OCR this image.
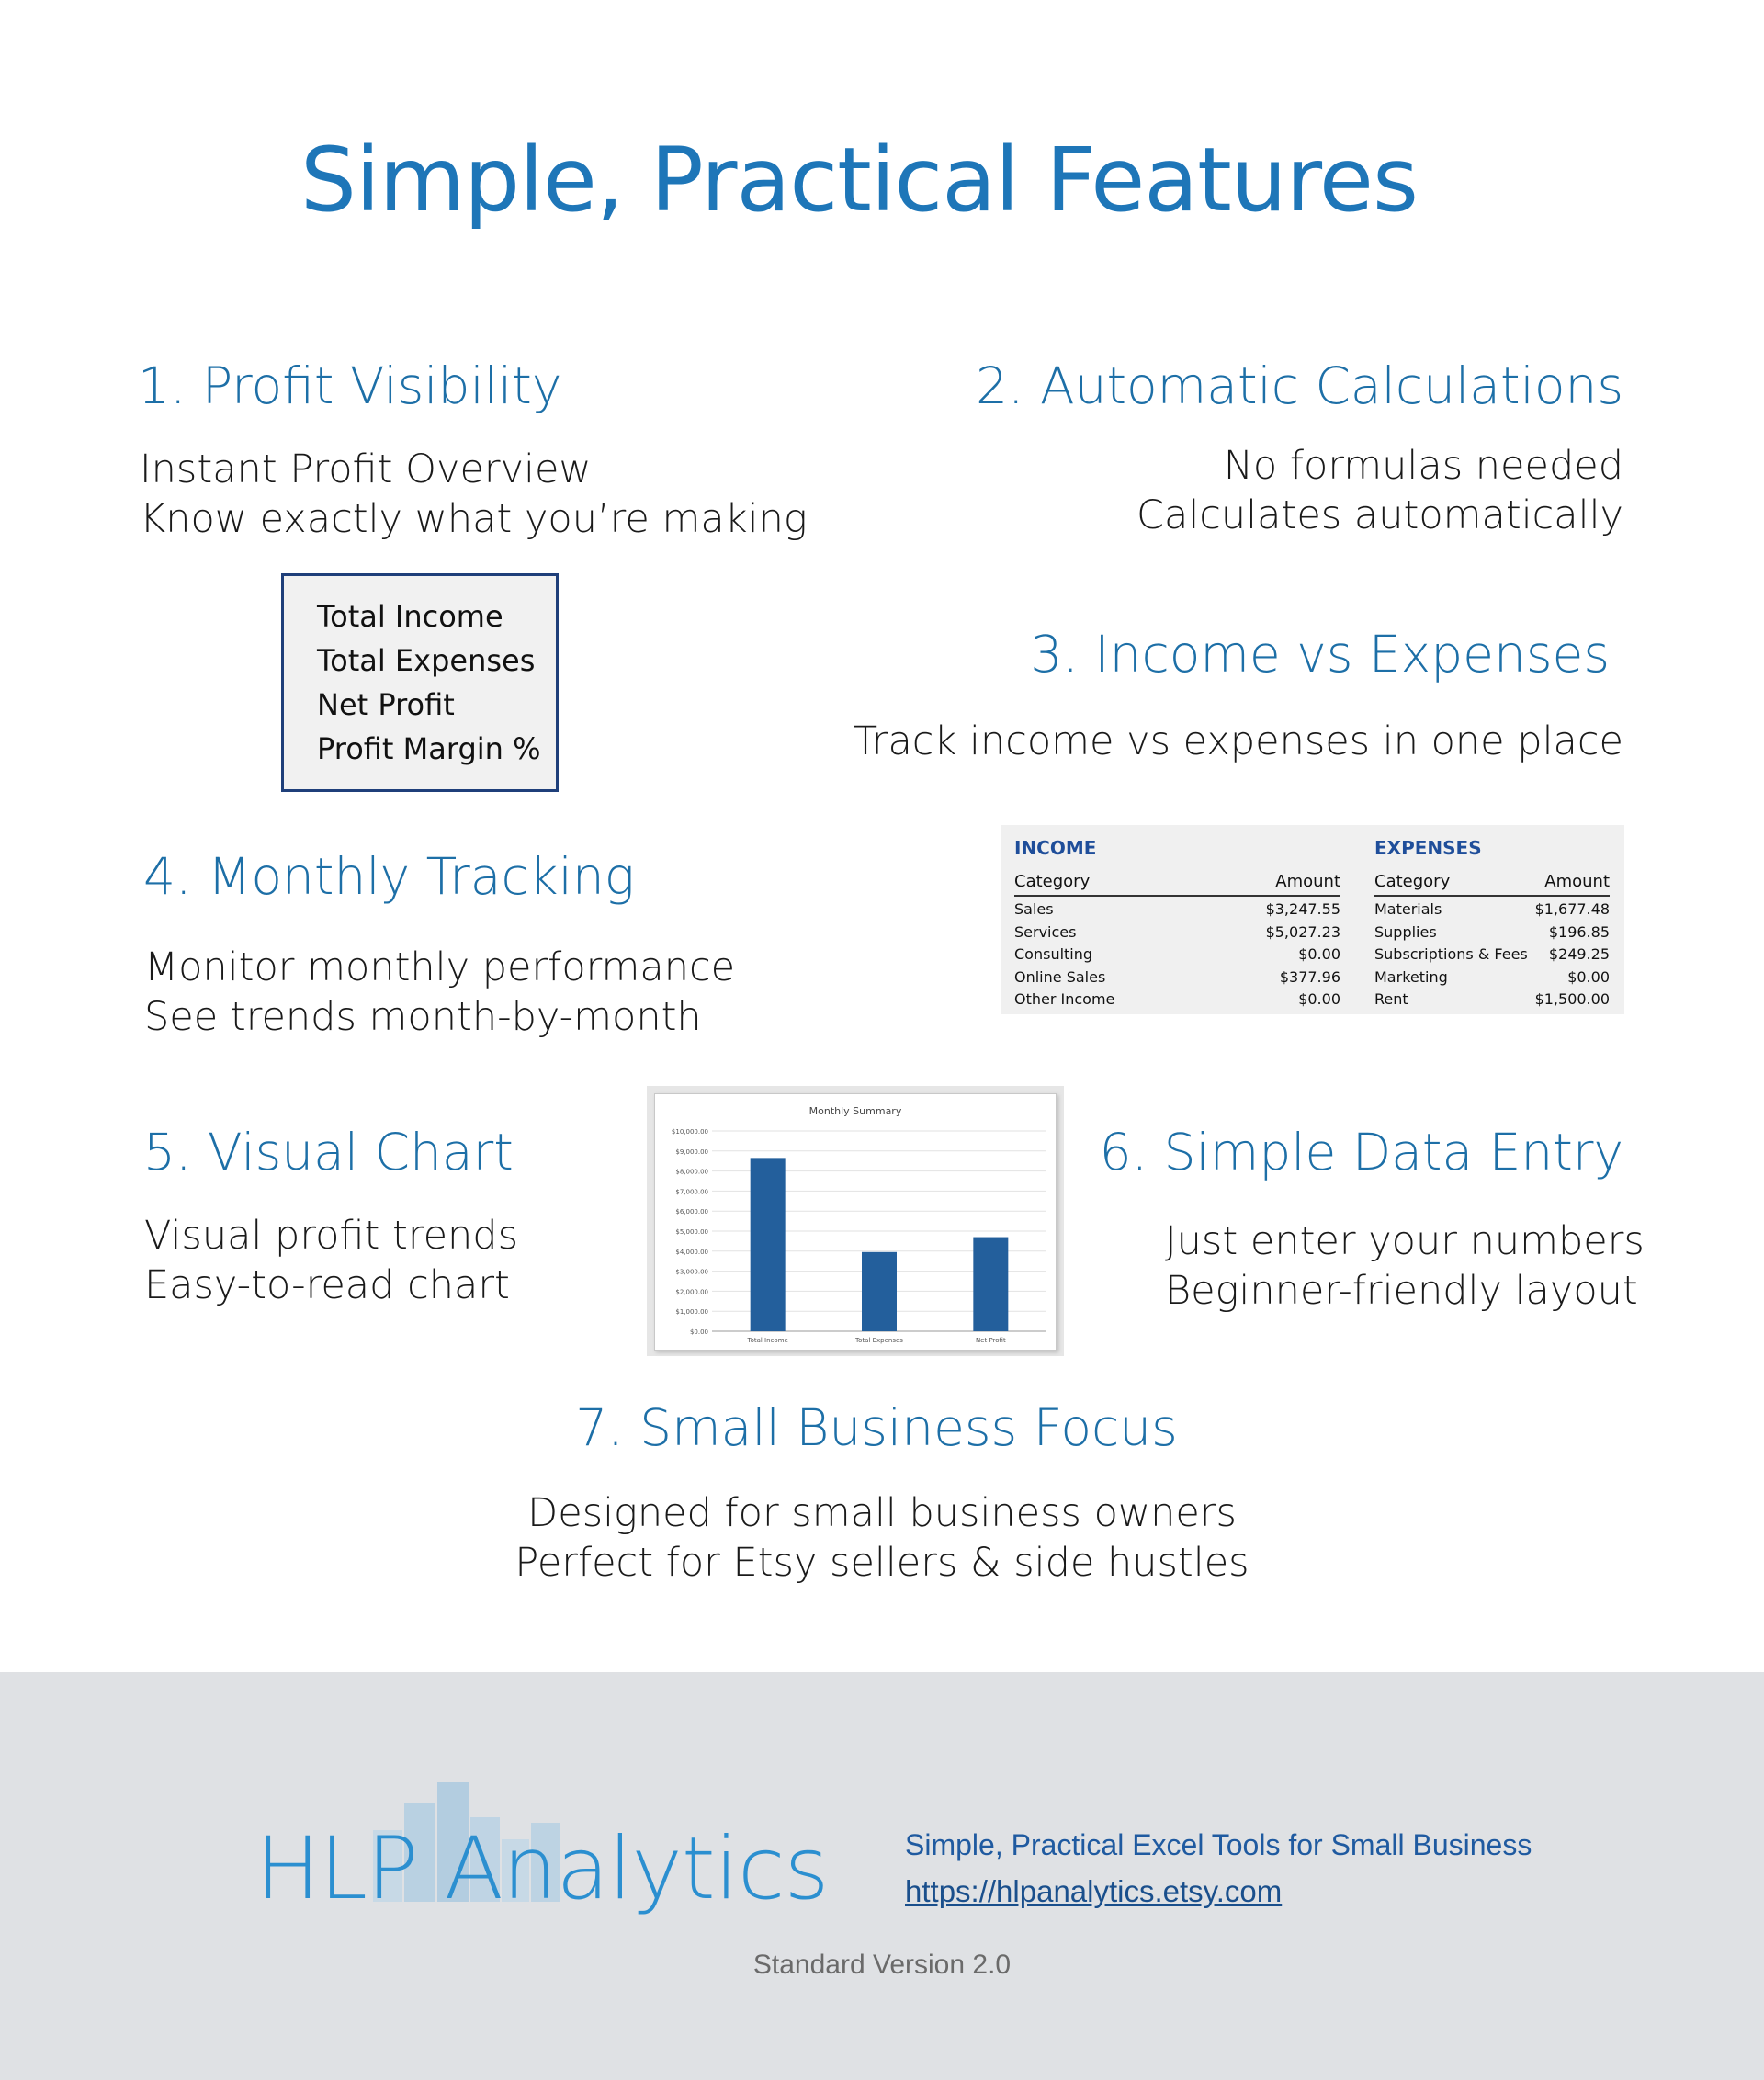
Simple, Practical Features
1. Profit Visibility
Instant Profit Overview
Know exactly what you’re making
Total Income
Total Expenses
Net Profit
Profit Margin %
2. Automatic Calculations
No formulas needed
Calculates automatically
3. Income vs Expenses
Track income vs expenses in one place
INCOME
Category	Amount
Sales	$3,247.55
Services	$5,027.23
Consulting	$0.00
Online Sales	$377.96
Other Income	$0.00
EXPENSES
Category	Amount
Materials	$1,677.48
Supplies	$196.85
Subscriptions & Fees $249.25
Marketing	$0.00
Rent	$1,500.00
4. Monthly Tracking
Monitor monthly performance
See trends month-by-month
5. Visual Chart
Visual profit trends
Easy-to-read chart
Monthly Summary
$0.00
$1,000.00
$2,000.00
$3,000.00
$4,000.00
$5,000.00
$6,000.00
$7,000.00
$8,000.00
$9,000.00
$10,000.00
Total Income	Total Expenses	Net Profit
6. Simple Data Entry
Just enter your numbers
Beginner-friendly layout
7. Small Business Focus
Designed for small business owners
Perfect for Etsy sellers & side hustles
HLP Analytics	Simple, Practical Excel Tools for Small Business
https://hlpanalytics.etsy.com
Standard Version 2.0
